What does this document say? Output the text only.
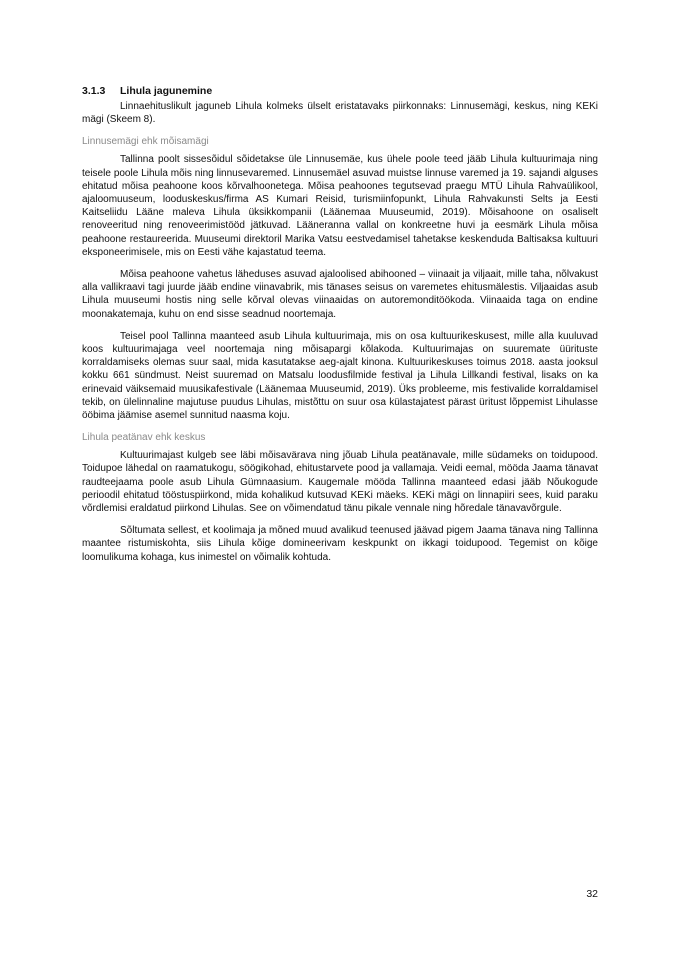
3.1.3	Lihula jagunemine

Linnaehituslikult jaguneb Lihula kolmeks ülselt eristatavaks piirkonnaks: Linnusemägi, keskus, ning KEKi mägi (Skeem 8).

Linnusemägi ehk mõisamägi

Tallinna poolt sissesõidul sõidetakse üle Linnusemäe, kus ühele poole teed jääb Lihula kultuurimaja ning teisele poole Lihula mõis ning linnusevaremed. Linnusemäel asuvad muistse linnuse varemed ja 19. sajandi alguses ehitatud mõisa peahoone koos kõrvalhoonetega. Mõisa peahoones tegutsevad praegu MTÜ Lihula Rahvaülikool, ajaloomuuseum, looduskeskus/firma AS Kumari Reisid, turismiinfopunkt, Lihula Rahvakunsti Selts ja Eesti Kaitseliidu Lääne maleva Lihula üksikkompanii (Läänemaa Muuseumid, 2019). Mõisahoone on osaliselt renoveeritud ning renoveerimistööd jätkuvad. Lääneranna vallal on konkreetne huvi ja eesmärk Lihula mõisa peahoone restaureerida. Muuseumi direktoril Marika Vatsu eestvedamisel tahetakse keskenduda Baltisaksa kultuuri eksponeerimisele, mis on Eesti vähe kajastatud teema.

Mõisa peahoone vahetus läheduses asuvad ajaloolised abihooned – viinaait ja viljaait, mille taha, nõlvakust alla vallikraavi tagi juurde jääb endine viinavabrik, mis tänases seisus on varemetes ehitusmälestis. Viljaaidas asub Lihula muuseumi hostis ning selle kõrval olevas viinaaidas on autoremonditöökoda. Viinaaida taga on endine moonakatemaja, kuhu on end sisse seadnud noortemaja.

Teisel pool Tallinna maanteed asub Lihula kultuurimaja, mis on osa kultuurikeskusest, mille alla kuuluvad koos kultuurimajaga veel noortemaja ning mõisapargi kõlakoda. Kultuurimajas on suuremate üürituste korraldamiseks olemas suur saal, mida kasutatakse aeg-ajalt kinona. Kultuurikeskuses toimus 2018. aasta jooksul kokku 661 sündmust. Neist suuremad on Matsalu loodusfilmide festival ja Lihula Lillkandi festival, lisaks on ka erinevaid väiksemaid muusikafestivale (Läänemaa Muuseumid, 2019). Üks probleeme, mis festivalide korraldamisel tekib, on ülelinnaline majutuse puudus Lihulas, mistõttu on suur osa külastajatest pärast üritust lõppemist Lihulasse ööbima jäämise asemel sunnitud naasma koju.

Lihula peatänav ehk keskus

Kultuurimajast kulgeb see läbi mõisavärava ning jõuab Lihula peatänavale, mille südameks on toidupood. Toidupoe lähedal on raamatukogu, söögikohad, ehitustarvete pood ja vallamaja. Veidi eemal, mööda Jaama tänavat raudteejaama poole asub Lihula Gümnaasium. Kaugemale mööda Tallinna maanteed edasi jääb Nõukogude perioodil ehitatud tööstuspiirkond, mida kohalikud kutsuvad KEKi mäeks. KEKi mägi on linnapiiri sees, kuid paraku võrdlemisi eraldatud piirkond Lihulas. See on võimendatud tänu pikale vennale ning hõredale tänavavõrgule.

Sõltumata sellest, et koolimaja ja mõned muud avalikud teenused jäävad pigem Jaama tänava ning Tallinna maantee ristumiskohta, siis Lihula kõige domineerivam keskpunkt on ikkagi toidupood. Tegemist on kõige loomulikuma kohaga, kus inimestel on võimalik kohtuda.

32
